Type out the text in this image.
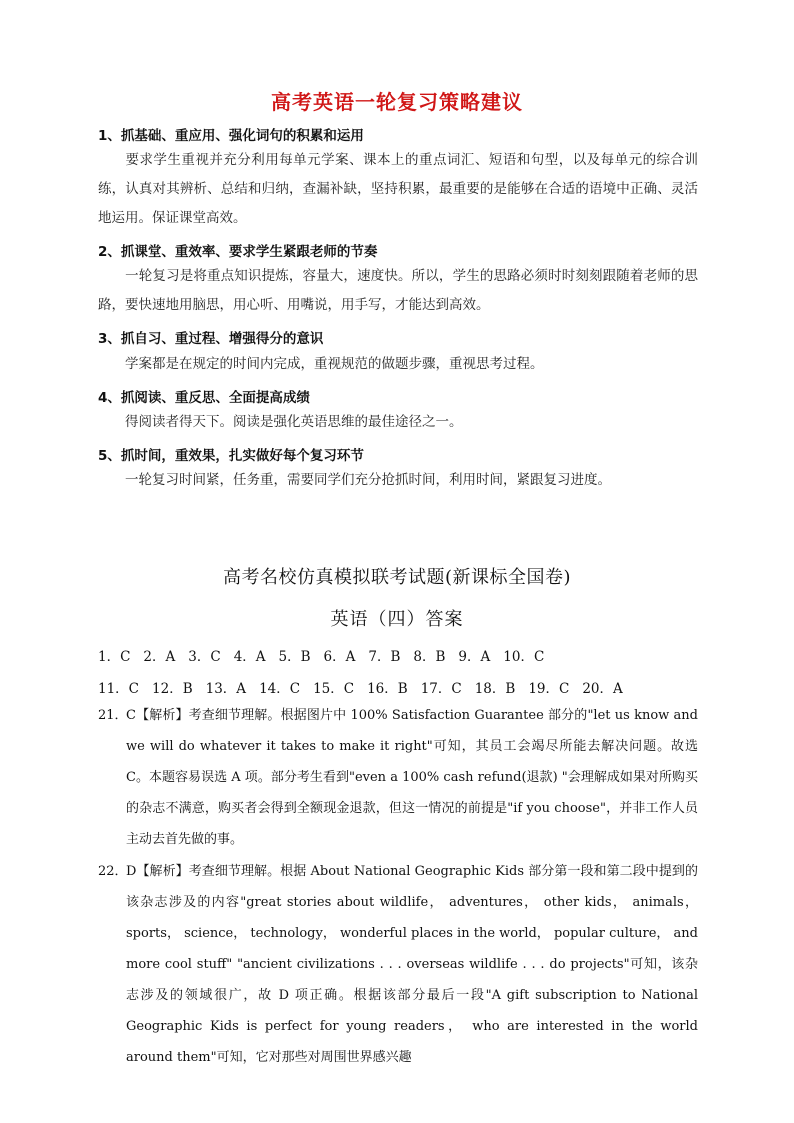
高考英语一轮复习策略建议
1、抓基础、重应用、强化词句的积累和运用
要求学生重视并充分利用每单元学案、课本上的重点词汇、短语和句型，以及每单元的综合训练，认真对其辨析、总结和归纳，查漏补缺，坚持积累，最重要的是能够在合适的语境中正确、灵活地运用。保证课堂高效。
2、抓课堂、重效率、要求学生紧跟老师的节奏
一轮复习是将重点知识提炼，容量大，速度快。所以，学生的思路必须时时刻刻跟随着老师的思路，要快速地用脑思，用心听、用嘴说，用手写，才能达到高效。
3、抓自习、重过程、增强得分的意识
学案都是在规定的时间内完成，重视规范的做题步骤，重视思考过程。
4、抓阅读、重反思、全面提高成绩
得阅读者得天下。阅读是强化英语思维的最佳途径之一。
5、抓时间，重效果，扎实做好每个复习环节
一轮复习时间紧，任务重，需要同学们充分抢抓时间，利用时间，紧跟复习进度。
高考名校仿真模拟联考试题(新课标全国卷)
英语（四）答案
1．C 2．A 3．C 4．A 5．B 6．A 7．B 8．B 9．A 10．C
11．C 12．B 13．A 14．C 15．C 16．B 17．C 18．B 19．C 20．A
21．
C【解析】考查细节理解。根据图片中 100% Satisfaction Guarantee 部分的"let us know and we will do whatever it takes to make it right"可知，其员工会竭尽所能去解决问题。故选 C。本题容易误选 A 项。部分考生看到"even a 100% cash refund(退款) "会理解成如果对所购买的杂志不满意，购买者会得到全额现金退款，但这一情况的前提是"if you choose"，并非工作人员主动去首先做的事。
22．
D【解析】考查细节理解。根据 About National Geographic Kids 部分第一段和第二段中提到的该杂志涉及的内容"great stories about wildlife， adventures， other kids， animals， sports， science， technology， wonderful places in the world， popular culture， and more cool stuff" "ancient civilizations . . . overseas wildlife . . . do projects"可知，该杂志涉及的领域很广，故 D 项正确。根据该部分最后一段"A gift subscription to National Geographic Kids is perfect for young readers， who are interested in the world around them"可知，它对那些对周围世界感兴趣
